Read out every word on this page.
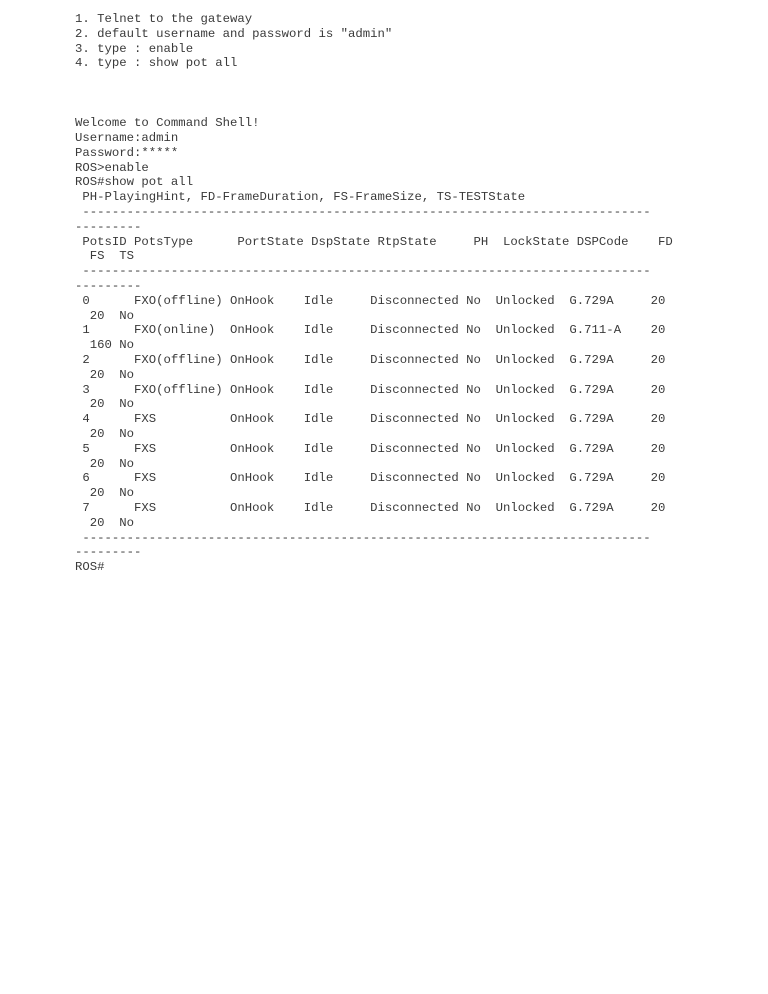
1. Telnet to the gateway
2. default username and password is "admin"
3. type : enable
4. type : show pot all
Welcome to Command Shell!
Username:admin
Password:*****
ROS>enable
ROS#show pot all
PH-PlayingHint, FD-FrameDuration, FS-FrameSize, TS-TESTState
-----------------------------------------------------------------------------
---------
PotsID PotsType      PortState DspState RtpState     PH  LockState DSPCode    FD
FS  TS
-----------------------------------------------------------------------------
---------
0      FXO(offline) OnHook    Idle     Disconnected No  Unlocked  G.729A     20
20  No
1      FXO(online)  OnHook    Idle     Disconnected No  Unlocked  G.711-A    20
160 No
2      FXO(offline) OnHook    Idle     Disconnected No  Unlocked  G.729A     20
20  No
3      FXO(offline) OnHook    Idle     Disconnected No  Unlocked  G.729A     20
20  No
4      FXS          OnHook    Idle     Disconnected No  Unlocked  G.729A     20
20  No
5      FXS          OnHook    Idle     Disconnected No  Unlocked  G.729A     20
20  No
6      FXS          OnHook    Idle     Disconnected No  Unlocked  G.729A     20
20  No
7      FXS          OnHook    Idle     Disconnected No  Unlocked  G.729A     20
20  No
-----------------------------------------------------------------------------
---------
ROS#
